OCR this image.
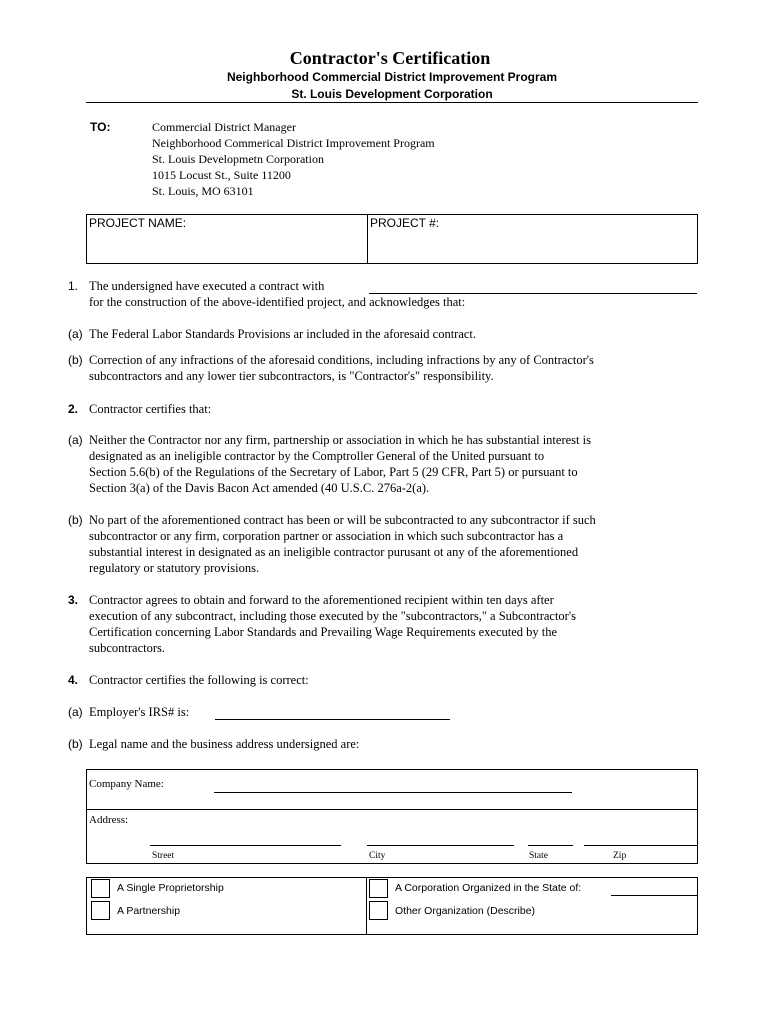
Contractor's Certification
Neighborhood Commercial District Improvement Program
St. Louis Development Corporation
TO:	Commercial District Manager
Neighborhood Commerical District Improvement Program
St. Louis Developmetn Corporation
1015 Locust St., Suite 11200
St. Louis, MO 63101
PROJECT NAME:	PROJECT #:
1. The undersigned have executed a contract with
for the construction of the above-identified project, and acknowledges that:
(a) The Federal Labor Standards Provisions ar included in the aforesaid contract.
(b) Correction of any infractions of the aforesaid conditions, including infractions by any of Contractor's
subcontractors and any lower tier subcontractors, is "Contractor's" responsibility.
2. Contractor certifies that:
(a) Neither the Contractor nor any firm, partnership or association in which he has substantial interest is
designated as an ineligible contractor by the Comptroller General of the United pursuant to
Section 5.6(b) of the Regulations of the Secretary of Labor, Part 5 (29 CFR, Part 5) or pursuant to
Section 3(a) of the Davis Bacon Act amended (40 U.S.C. 276a-2(a).
(b) No part of the aforementioned contract has been or will be subcontracted to any subcontractor if such
subcontractor or any firm, corporation partner or association in which such subcontractor has a
substantial interest in designated as an ineligible contractor purusant ot any of the aforementioned
regulatory or statutory provisions.
3. Contractor agrees to obtain and forward to the aforementioned recipient within ten days after
execution of any subcontract, including those executed by the "subcontractors," a Subcontractor's
Certification concerning Labor Standards and Prevailing Wage Requirements executed by the
subcontractors.
4. Contractor certifies the following is correct:
(a) Employer's IRS# is:
(b) Legal name and the business address undersigned are:
Company Name:
Address:
Street	City	State	Zip
A Single Proprietorship
A Partnership
A Corporation Organized in the State of:
Other Organization (Describe)
